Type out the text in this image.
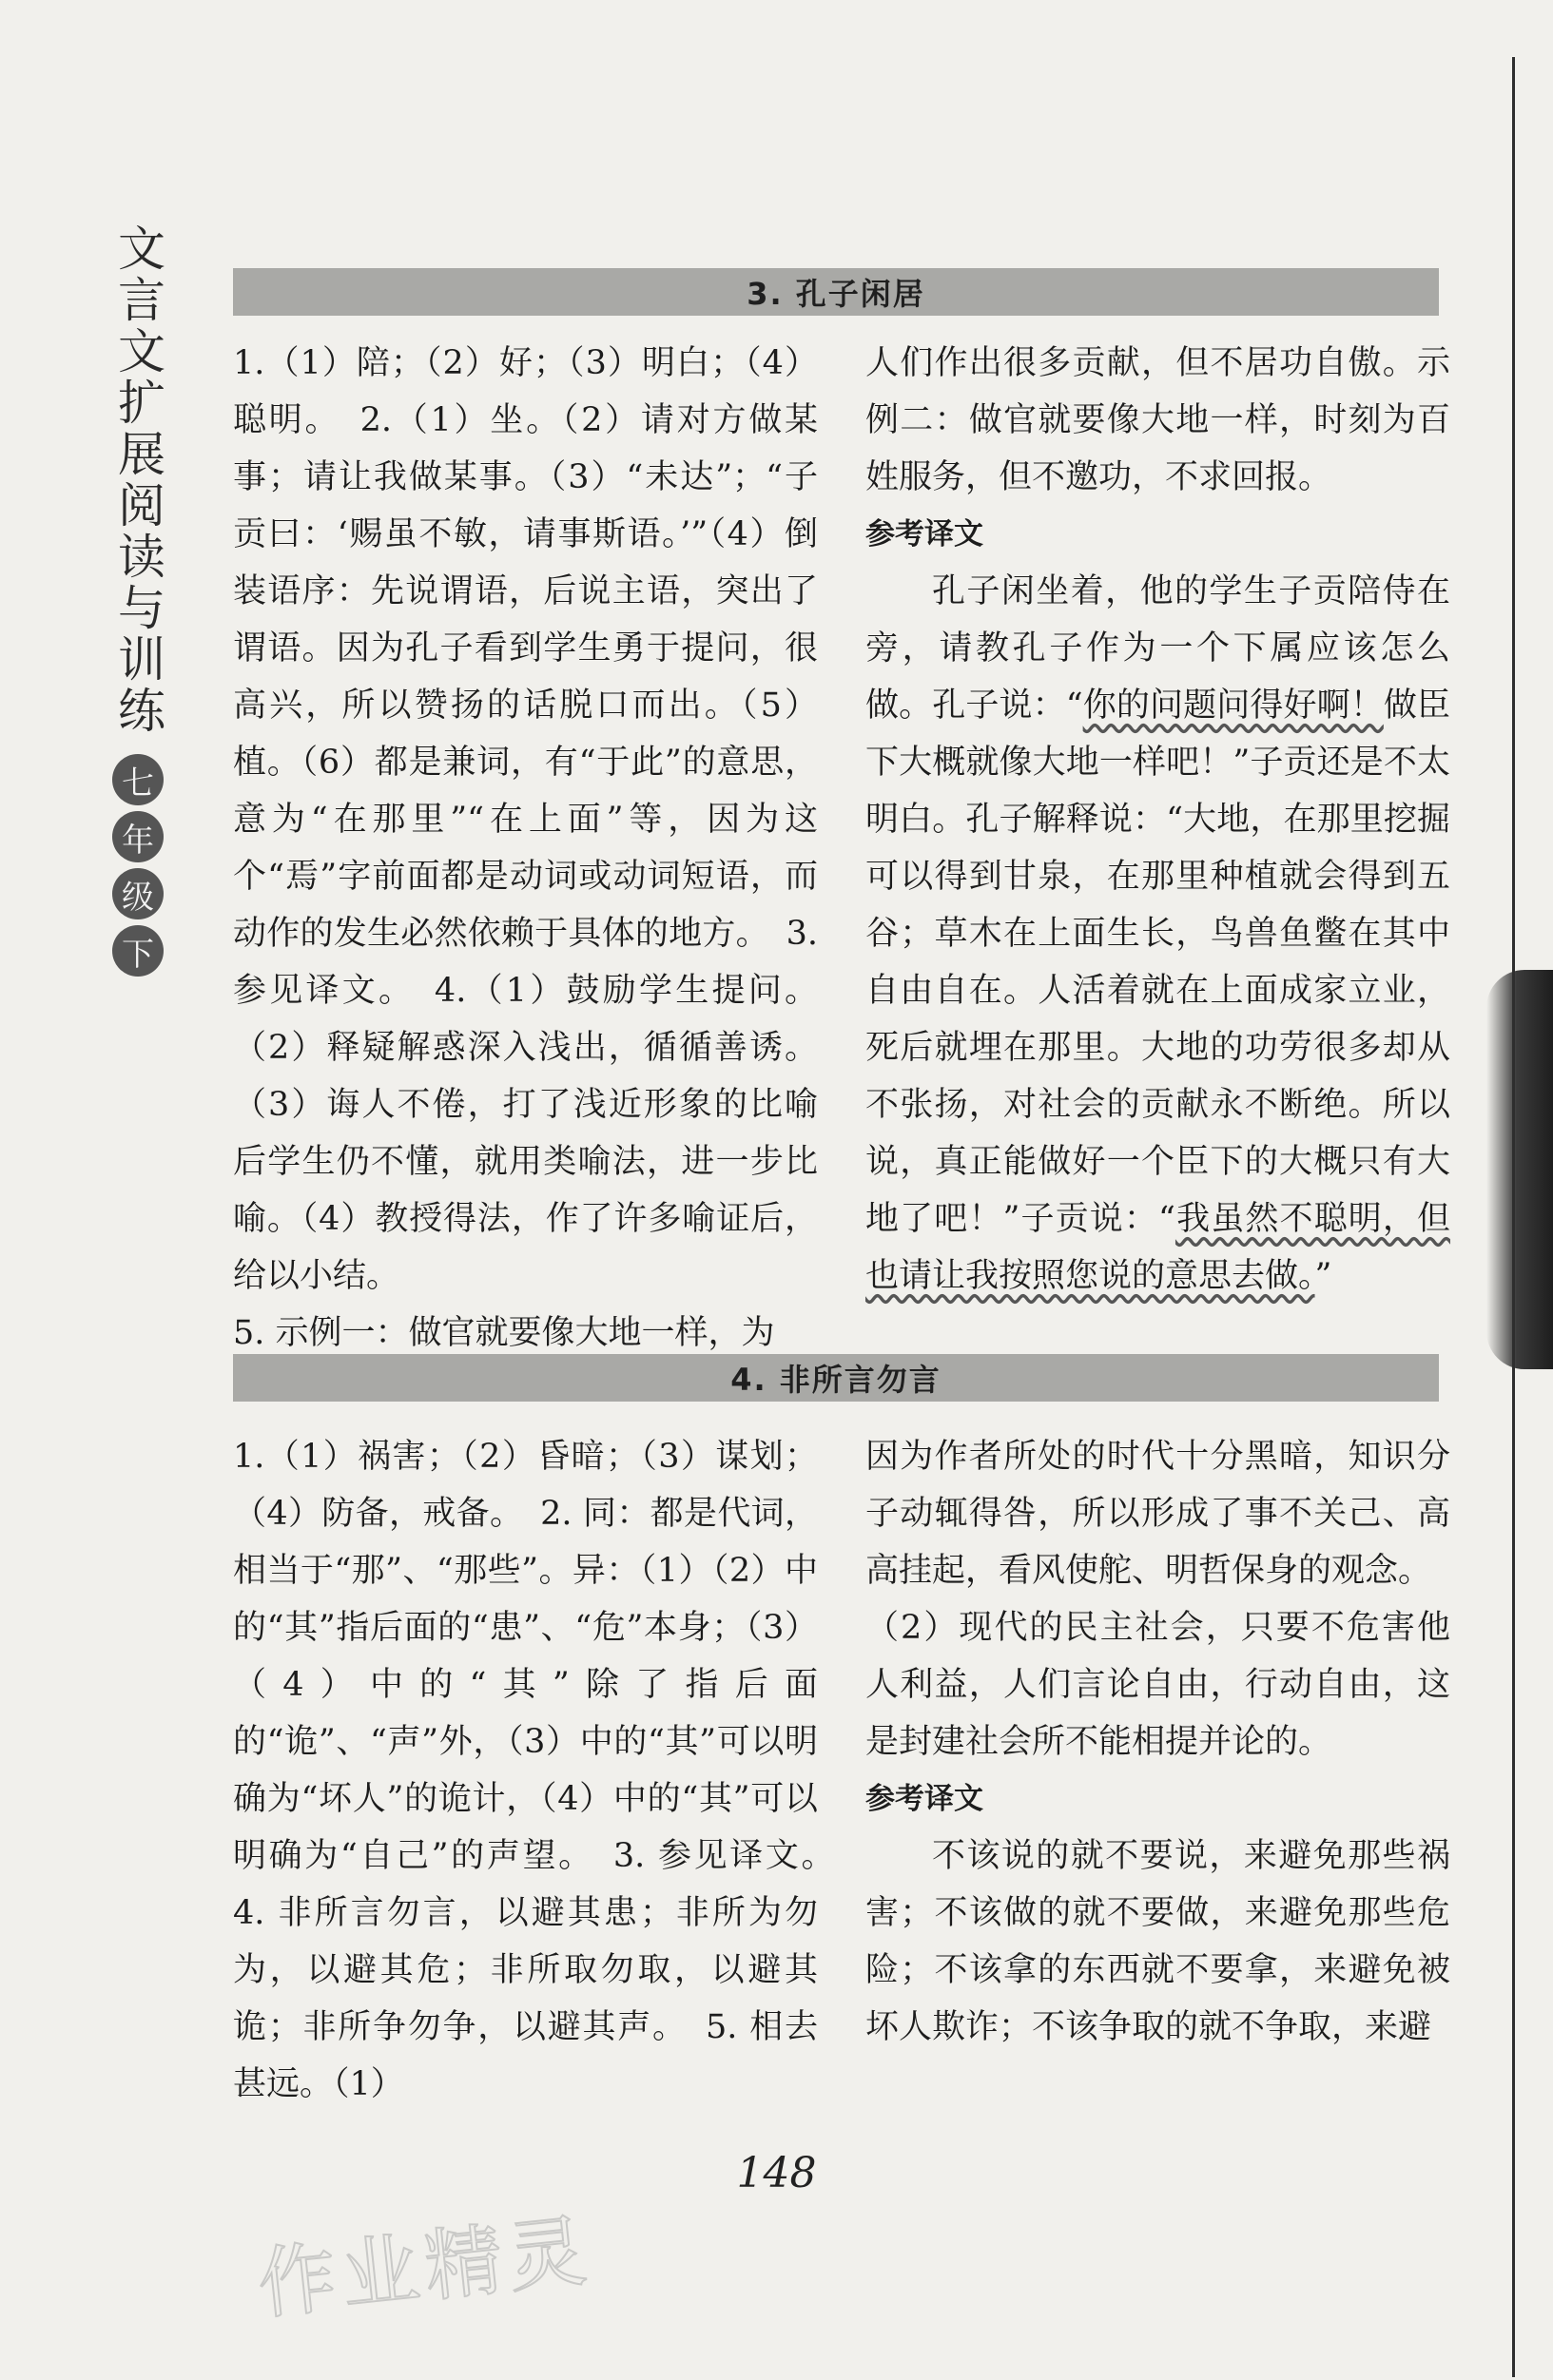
文言文扩展阅读与训练
七
年
级
下
3. 孔子闲居

1.（1）陪；（2）好；（3）明白；（4）聪明。　2.（1）坐。（2）请对方做某事；请让我做某事。（3）“未达”；“子贡曰：‘赐虽不敏，请事斯语。’”（4）倒装语序：先说谓语，后说主语，突出了谓语。因为孔子看到学生勇于提问，很高兴，所以赞扬的话脱口而出。（5）植。（6）都是兼词，有“于此”的意思，意为“在那里”“在上面”等，因为这个“焉”字前面都是动词或动词短语，而动作的发生必然依赖于具体的地方。　3. 参见译文。　4.（1）鼓励学生提问。（2）释疑解惑深入浅出，循循善诱。（3）诲人不倦，打了浅近形象的比喻后学生仍不懂，就用类喻法，进一步比喻。（4）教授得法，作了许多喻证后，给以小结。

5. 示例一：做官就要像大地一样，为

人们作出很多贡献，但不居功自傲。示例二：做官就要像大地一样，时刻为百姓服务，但不邀功，不求回报。

参考译文

孔子闲坐着，他的学生子贡陪侍在旁，请教孔子作为一个下属应该怎么做。孔子说：“你的问题问得好啊！做臣下大概就像大地一样吧！”子贡还是不太明白。孔子解释说：“大地，在那里挖掘可以得到甘泉，在那里种植就会得到五谷；草木在上面生长，鸟兽鱼鳖在其中自由自在。人活着就在上面成家立业，死后就埋在那里。大地的功劳很多却从不张扬，对社会的贡献永不断绝。所以说，真正能做好一个臣下的大概只有大地了吧！”子贡说：“我虽然不聪明，但也请让我按照您说的意思去做。”

4. 非所言勿言

1.（1）祸害；（2）昏暗；（3）谋划；（4）防备，戒备。　2. 同：都是代词，相当于“那”、“那些”。异：（1）（2）中的“其”指后面的“患”、“危”本身；（3）（4）中的“其”除了指后面的“诡”、“声”外，（3）中的“其”可以明确为“坏人”的诡计，（4）中的“其”可以明确为“自己”的声望。　3. 参见译文。　4. 非所言勿言，以避其患；非所为勿为，以避其危；非所取勿取，以避其诡；非所争勿争，以避其声。　5. 相去甚远。（1）

因为作者所处的时代十分黑暗，知识分子动辄得咎，所以形成了事不关己、高高挂起，看风使舵、明哲保身的观念。

（2）现代的民主社会，只要不危害他人利益，人们言论自由，行动自由，这是封建社会所不能相提并论的。

参考译文

不该说的就不要说，来避免那些祸害；不该做的就不要做，来避免那些危险；不该拿的东西就不要拿，来避免被坏人欺诈；不该争取的就不争取，来避

148
作业精灵
